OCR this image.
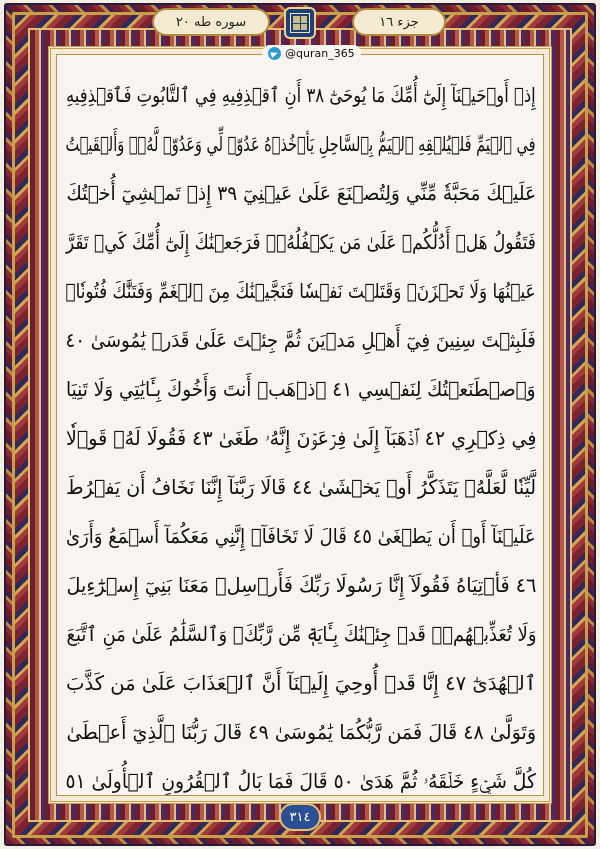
سوره طه ٢٠	جزء ١٦
@quran_365
إِذۡ أَوۡحَيۡنَآ إِلَىٰٓ أُمِّكَ مَا يُوحَىٰٓ ٣٨ أَنِ ٱقۡذِفِيهِ فِي ٱلتَّابُوتِ فَٱقۡذِفِيهِ
فِي ٱلۡيَمِّ فَلۡيُلۡقِهِ ٱلۡيَمُّ بِٱلسَّاحِلِ يَأۡخُذۡهُ عَدُوّٞ لِّي وَعَدُوّٞ لَّهُۥۚ وَأَلۡقَيۡتُ
عَلَيۡكَ مَحَبَّةٗ مِّنِّي وَلِتُصۡنَعَ عَلَىٰ عَيۡنِيٓ ٣٩ إِذۡ تَمۡشِيٓ أُخۡتُكَ
فَتَقُولُ هَلۡ أَدُلُّكُمۡ عَلَىٰ مَن يَكۡفُلُهُۥۖ فَرَجَعۡنَٰكَ إِلَىٰٓ أُمِّكَ كَيۡ تَقَرَّ
عَيۡنُهَا وَلَا تَحۡزَنَۚ وَقَتَلۡتَ نَفۡسٗا فَنَجَّيۡنَٰكَ مِنَ ٱلۡغَمِّ وَفَتَنَّٰكَ فُتُونٗاۚ
فَلَبِثۡتَ سِنِينَ فِيٓ أَهۡلِ مَدۡيَنَ ثُمَّ جِئۡتَ عَلَىٰ قَدَرٖ يَٰمُوسَىٰ ٤٠
وَٱصۡطَنَعۡتُكَ لِنَفۡسِي ٤١ ٱذۡهَبۡ أَنتَ وَأَخُوكَ بِـَٔايَٰتِي وَلَا تَنِيَا
فِي ذِكۡرِي ٤٢ ٱذۡهَبَآ إِلَىٰ فِرۡعَوۡنَ إِنَّهُۥ طَغَىٰ ٤٣ فَقُولَا لَهُۥ قَوۡلٗا
لَّيِّنٗا لَّعَلَّهُۥ يَتَذَكَّرُ أَوۡ يَخۡشَىٰ ٤٤ قَالَا رَبَّنَآ إِنَّنَا نَخَافُ أَن يَفۡرُطَ
عَلَيۡنَآ أَوۡ أَن يَطۡغَىٰ ٤٥ قَالَ لَا تَخَافَآۖ إِنَّنِي مَعَكُمَآ أَسۡمَعُ وَأَرَىٰ
٤٦ فَأۡتِيَاهُ فَقُولَآ إِنَّا رَسُولَا رَبِّكَ فَأَرۡسِلۡ مَعَنَا بَنِيٓ إِسۡرَٰٓءِيلَ
وَلَا تُعَذِّبۡهُمۡۖ قَدۡ جِئۡنَٰكَ بِـَٔايَةٖ مِّن رَّبِّكَۖ وَٱلسَّلَٰمُ عَلَىٰ مَنِ ٱتَّبَعَ
ٱلۡهُدَىٰٓ ٤٧ إِنَّا قَدۡ أُوحِيَ إِلَيۡنَآ أَنَّ ٱلۡعَذَابَ عَلَىٰ مَن كَذَّبَ
وَتَوَلَّىٰ ٤٨ قَالَ فَمَن رَّبُّكُمَا يَٰمُوسَىٰ ٤٩ قَالَ رَبُّنَا ٱلَّذِيٓ أَعۡطَىٰ
كُلَّ شَيۡءٍ خَلۡقَهُۥ ثُمَّ هَدَىٰ ٥٠ قَالَ فَمَا بَالُ ٱلۡقُرُونِ ٱلۡأُولَىٰ ٥١
٣١٤
